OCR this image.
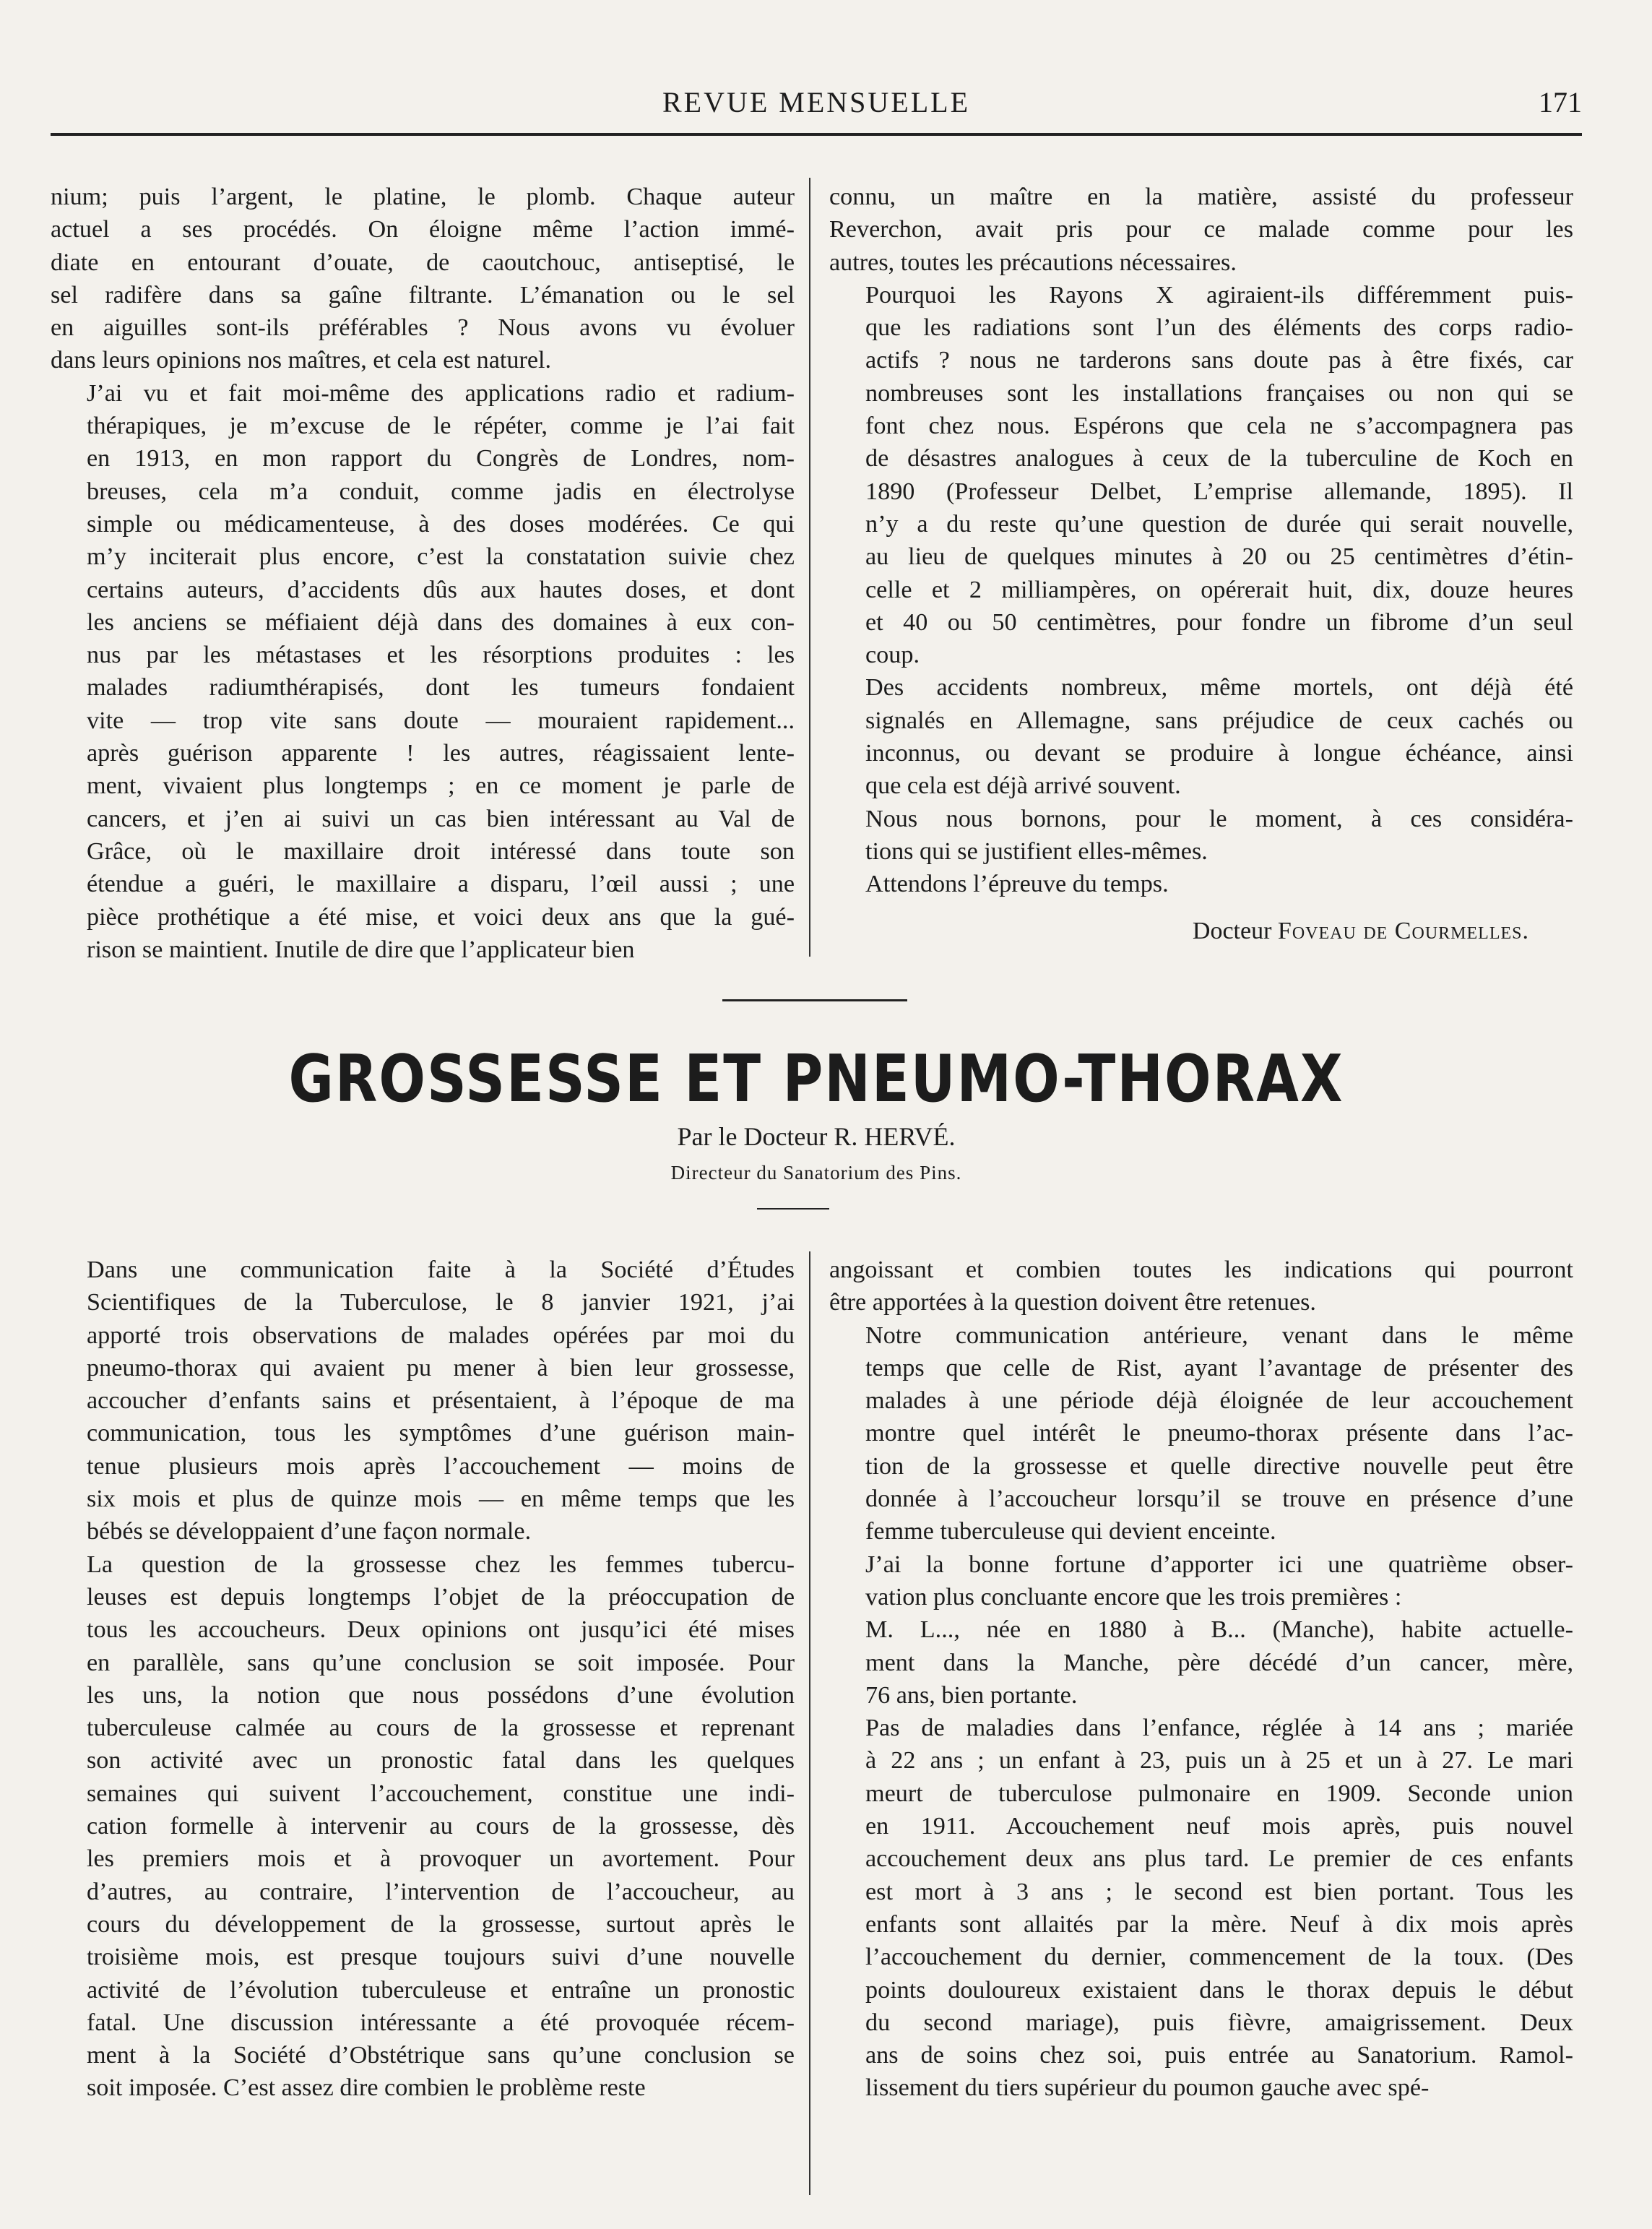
REVUE MENSUELLE	171

nium; puis l’argent, le platine, le plomb. Chaque auteur
actuel a ses procédés. On éloigne même l’action immé-
diate en entourant d’ouate, de caoutchouc, antiseptisé, le
sel radifère dans sa gaîne filtrante. L’émanation ou le sel
en aiguilles sont-ils préférables ? Nous avons vu évoluer
dans leurs opinions nos maîtres, et cela est naturel.

J’ai vu et fait moi-même des applications radio et radium-
thérapiques, je m’excuse de le répéter, comme je l’ai fait
en 1913, en mon rapport du Congrès de Londres, nom-
breuses, cela m’a conduit, comme jadis en électrolyse
simple ou médicamenteuse, à des doses modérées. Ce qui
m’y inciterait plus encore, c’est la constatation suivie chez
certains auteurs, d’accidents dûs aux hautes doses, et dont
les anciens se méfiaient déjà dans des domaines à eux con-
nus par les métastases et les résorptions produites : les
malades radiumthérapisés, dont les tumeurs fondaient
vite — trop vite sans doute — mouraient rapidement...
après guérison apparente ! les autres, réagissaient lente-
ment, vivaient plus longtemps ; en ce moment je parle de
cancers, et j’en ai suivi un cas bien intéressant au Val de
Grâce, où le maxillaire droit intéressé dans toute son
étendue a guéri, le maxillaire a disparu, l’œil aussi ; une
pièce prothétique a été mise, et voici deux ans que la gué-
rison se maintient. Inutile de dire que l’applicateur bien

connu, un maître en la matière, assisté du professeur
Reverchon, avait pris pour ce malade comme pour les
autres, toutes les précautions nécessaires.

Pourquoi les Rayons X agiraient-ils différemment puis-
que les radiations sont l’un des éléments des corps radio-
actifs ? nous ne tarderons sans doute pas à être fixés, car
nombreuses sont les installations françaises ou non qui se
font chez nous. Espérons que cela ne s’accompagnera pas
de désastres analogues à ceux de la tuberculine de Koch en
1890 (Professeur Delbet, L’emprise allemande, 1895). Il
n’y a du reste qu’une question de durée qui serait nouvelle,
au lieu de quelques minutes à 20 ou 25 centimètres d’étin-
celle et 2 milliampères, on opérerait huit, dix, douze heures
et 40 ou 50 centimètres, pour fondre un fibrome d’un seul
coup.

Des accidents nombreux, même mortels, ont déjà été
signalés en Allemagne, sans préjudice de ceux cachés ou
inconnus, ou devant se produire à longue échéance, ainsi
que cela est déjà arrivé souvent.

Nous nous bornons, pour le moment, à ces considéra-
tions qui se justifient elles-mêmes.

Attendons l’épreuve du temps.

Docteur Foveau de Courmelles.
GROSSESSE ET PNEUMO-THORAX
Par le Docteur R. HERVÉ.
Directeur du Sanatorium des Pins.

Dans une communication faite à la Société d’Études
Scientifiques de la Tuberculose, le 8 janvier 1921, j’ai
apporté trois observations de malades opérées par moi du
pneumo-thorax qui avaient pu mener à bien leur grossesse,
accoucher d’enfants sains et présentaient, à l’époque de ma
communication, tous les symptômes d’une guérison main-
tenue plusieurs mois après l’accouchement — moins de
six mois et plus de quinze mois — en même temps que les
bébés se développaient d’une façon normale.

La question de la grossesse chez les femmes tubercu-
leuses est depuis longtemps l’objet de la préoccupation de
tous les accoucheurs. Deux opinions ont jusqu’ici été mises
en parallèle, sans qu’une conclusion se soit imposée. Pour
les uns, la notion que nous possédons d’une évolution
tuberculeuse calmée au cours de la grossesse et reprenant
son activité avec un pronostic fatal dans les quelques
semaines qui suivent l’accouchement, constitue une indi-
cation formelle à intervenir au cours de la grossesse, dès
les premiers mois et à provoquer un avortement. Pour
d’autres, au contraire, l’intervention de l’accoucheur, au
cours du développement de la grossesse, surtout après le
troisième mois, est presque toujours suivi d’une nouvelle
activité de l’évolution tuberculeuse et entraîne un pronostic
fatal. Une discussion intéressante a été provoquée récem-
ment à la Société d’Obstétrique sans qu’une conclusion se
soit imposée. C’est assez dire combien le problème reste

angoissant et combien toutes les indications qui pourront
être apportées à la question doivent être retenues.

Notre communication antérieure, venant dans le même
temps que celle de Rist, ayant l’avantage de présenter des
malades à une période déjà éloignée de leur accouchement
montre quel intérêt le pneumo-thorax présente dans l’ac-
tion de la grossesse et quelle directive nouvelle peut être
donnée à l’accoucheur lorsqu’il se trouve en présence d’une
femme tuberculeuse qui devient enceinte.

J’ai la bonne fortune d’apporter ici une quatrième obser-
vation plus concluante encore que les trois premières :

M. L..., née en 1880 à B... (Manche), habite actuelle-
ment dans la Manche, père décédé d’un cancer, mère,
76 ans, bien portante.

Pas de maladies dans l’enfance, réglée à 14 ans ; mariée
à 22 ans ; un enfant à 23, puis un à 25 et un à 27. Le mari
meurt de tuberculose pulmonaire en 1909. Seconde union
en 1911. Accouchement neuf mois après, puis nouvel
accouchement deux ans plus tard. Le premier de ces enfants
est mort à 3 ans ; le second est bien portant. Tous les
enfants sont allaités par la mère. Neuf à dix mois après
l’accouchement du dernier, commencement de la toux. (Des
points douloureux existaient dans le thorax depuis le début
du second mariage), puis fièvre, amaigrissement. Deux
ans de soins chez soi, puis entrée au Sanatorium. Ramol-
lissement du tiers supérieur du poumon gauche avec spé-
